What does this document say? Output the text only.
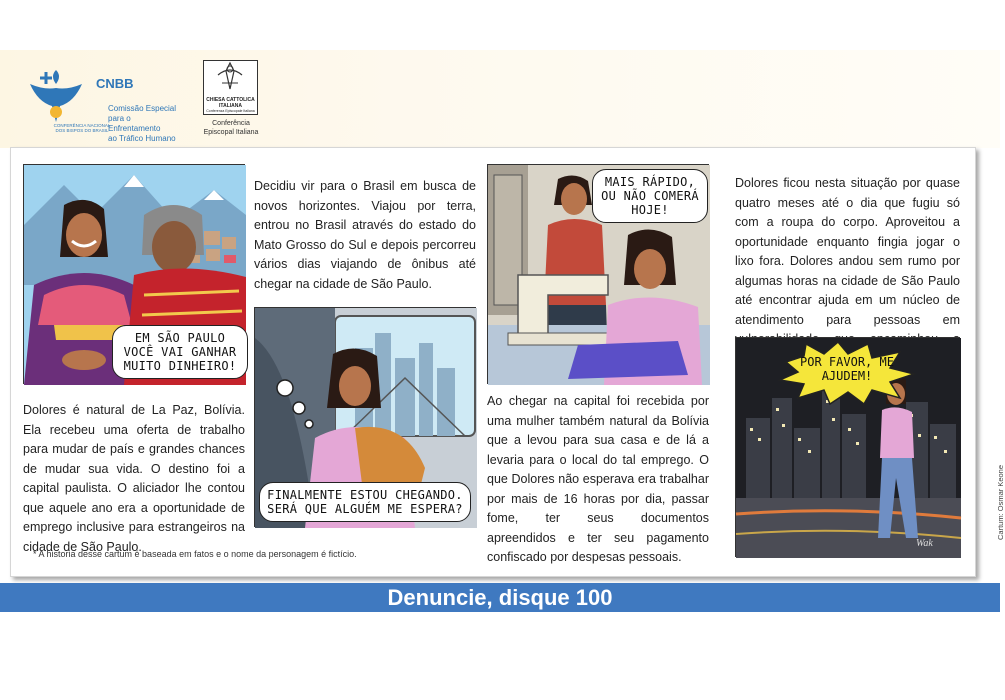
CNBB
CONFERÊNCIA NACIONAL DOS BISPOS DO BRASIL
Comissão Especial
para o Enfrentamento
ao Tráfico Humano
CHIESA CATTOLICA
ITALIANA
Conferenza Episcopale Italiana
Conferência
Episcopal Italiana
EM SÃO PAULO VOCÊ VAI GANHAR MUITO DINHEIRO!
Dolores é natural de La Paz, Bolívia. Ela recebeu uma oferta de trabalho para mudar de país e grandes chances de mudar sua vida. O destino foi a capital paulista. O aliciador lhe contou que aquele ano era a oportunidade de emprego inclusive para estrangeiros na cidade de São Paulo.
Decidiu vir para o Brasil em busca de novos horizontes. Viajou por terra, entrou no Brasil através do estado do Mato Grosso do Sul e depois percorreu vários dias viajando de ônibus até chegar na cidade de São Paulo.
FINALMENTE ESTOU CHEGANDO. SERÁ QUE ALGUÉM ME ESPERA?
MAIS RÁPIDO, OU NÃO COMERÁ HOJE!
Ao chegar na capital foi recebida por uma mulher também natural da Bolívia que a levou para sua casa e de lá a levaria para o local do tal emprego. O que Dolores não esperava era trabalhar por mais de 16 horas por dia, passar fome, ter seus documentos apreendidos e ter seu pagamento confiscado por despesas pessoais.
Dolores ficou nesta situação por quase quatro meses até o dia que fugiu só com a roupa do corpo. Aproveitou a oportunidade enquanto fingia jogar o lixo fora. Dolores andou sem rumo por algumas horas na cidade de São Paulo até encontrar ajuda em um núcleo de atendimento para pessoas em
POR FAVOR, ME AJUDEM!
Wak
* A historia desse cartum é baseada em fatos e o nome da personagem é fictício.
Cartum: Osmar Keone
Denuncie, disque 100
